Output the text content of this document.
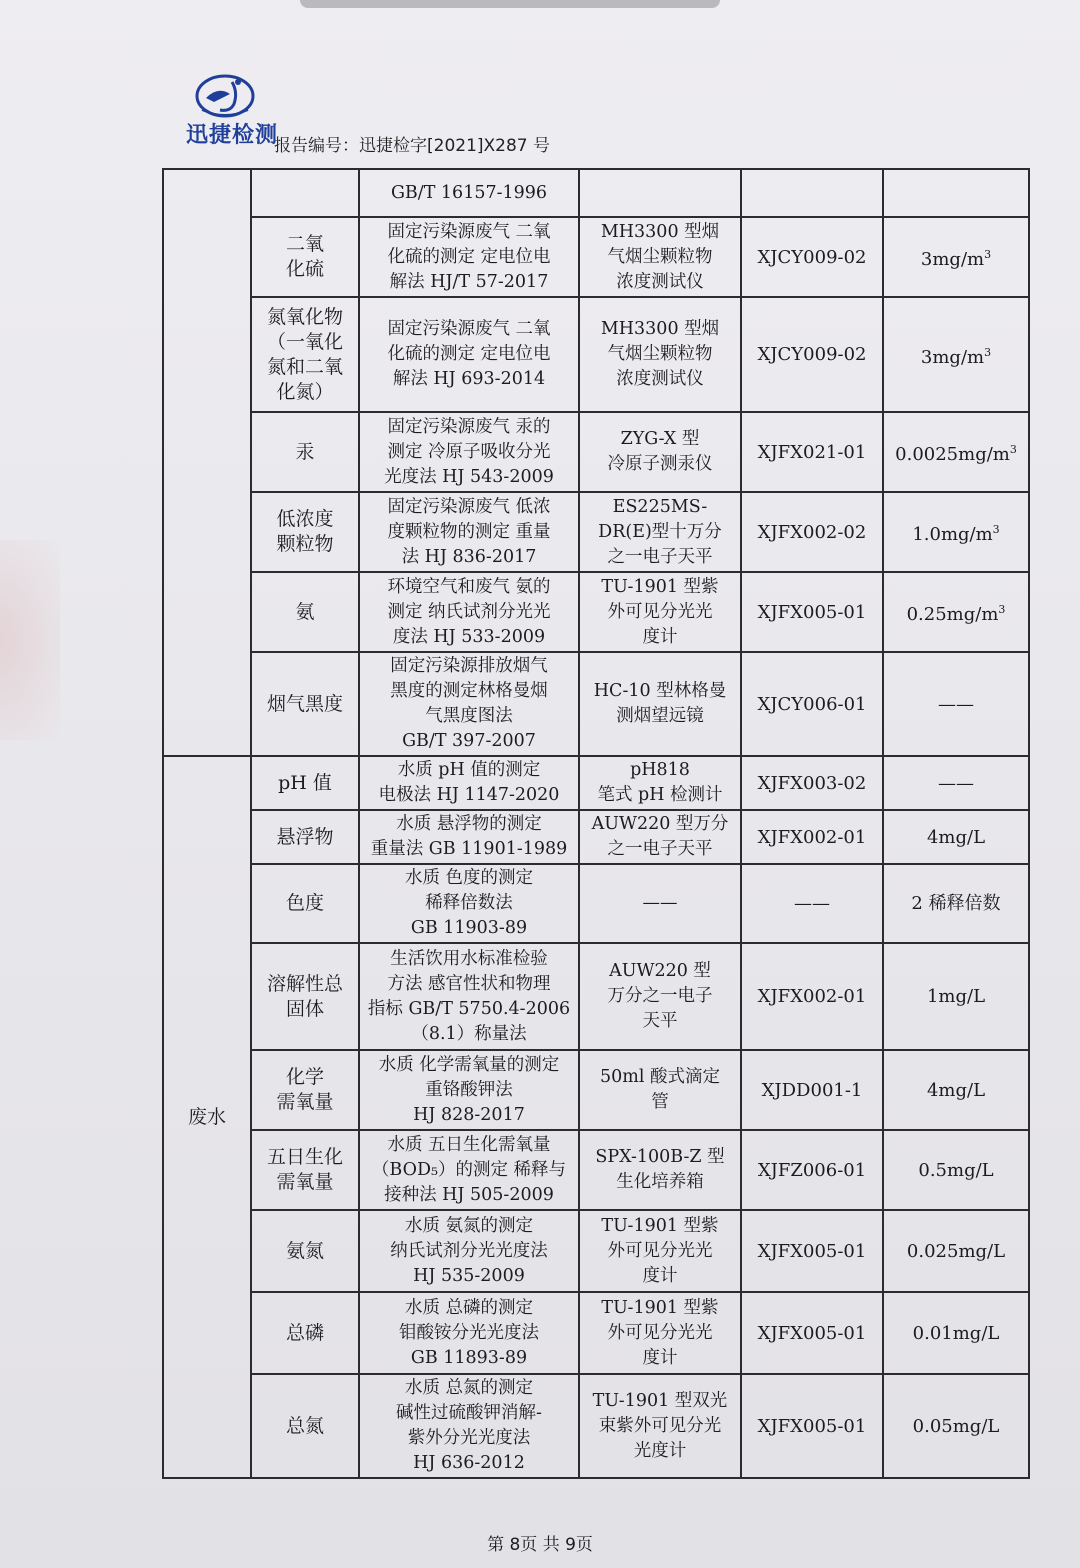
迅捷检测
报告编号：迅捷检字[2021]X287 号
		GB/T 16157-1996			
	二氧
化硫	固定污染源废气 二氧
化硫的测定 定电位电
解法 HJ/T 57-2017	MH3300 型烟
气烟尘颗粒物
浓度测试仪	XJCY009-02	$3mg/m^3$
	氮氧化物
（一氧化
氮和二氧
化氮）	固定污染源废气 二氧
化硫的测定 定电位电
解法 HJ 693-2014	MH3300 型烟
气烟尘颗粒物
浓度测试仪	XJCY009-02	$3mg/m^3$
	汞	固定污染源废气 汞的
测定 冷原子吸收分光
光度法 HJ 543-2009	ZYG-X 型
冷原子测汞仪	XJFX021-01	$0.0025mg/m^3$
	低浓度
颗粒物	固定污染源废气 低浓
度颗粒物的测定 重量
法 HJ 836-2017	ES225MS-
DR(E)型十万分
之一电子天平	XJFX002-02	$1.0mg/m^3$
	氨	环境空气和废气 氨的
测定 纳氏试剂分光光
度法 HJ 533-2009	TU-1901 型紫
外可见分光光
度计	XJFX005-01	$0.25mg/m^3$
	烟气黑度	固定污染源排放烟气
黑度的测定林格曼烟
气黑度图法
GB/T 397-2007	HC-10 型林格曼
测烟望远镜	XJCY006-01	——
废水	pH 值	水质 pH 值的测定
电极法 HJ 1147-2020	pH818
笔式 pH 检测计	XJFX003-02	——
	悬浮物	水质 悬浮物的测定
重量法 GB 11901-1989	AUW220 型万分
之一电子天平	XJFX002-01	4mg/L
	色度	水质 色度的测定
稀释倍数法
GB 11903-89	——	——	2 稀释倍数
	溶解性总
固体	生活饮用水标准检验
方法 感官性状和物理
指标 GB/T 5750.4-2006
（8.1）称量法	AUW220 型
万分之一电子
天平	XJFX002-01	1mg/L
	化学
需氧量	水质 化学需氧量的测定
重铬酸钾法
HJ 828-2017	50ml 酸式滴定
管	XJDD001-1	4mg/L
	五日生化
需氧量	水质 五日生化需氧量
（BOD₅）的测定 稀释与
接种法 HJ 505-2009	SPX-100B-Z 型
生化培养箱	XJFZ006-01	0.5mg/L
	氨氮	水质 氨氮的测定
纳氏试剂分光光度法
HJ 535-2009	TU-1901 型紫
外可见分光光
度计	XJFX005-01	0.025mg/L
	总磷	水质 总磷的测定
钼酸铵分光光度法
GB 11893-89	TU-1901 型紫
外可见分光光
度计	XJFX005-01	0.01mg/L
	总氮	水质 总氮的测定
碱性过硫酸钾消解-
紫外分光光度法
HJ 636-2012	TU-1901 型双光
束紫外可见分光
光度计	XJFX005-01	0.05mg/L
第 8页 共 9页
